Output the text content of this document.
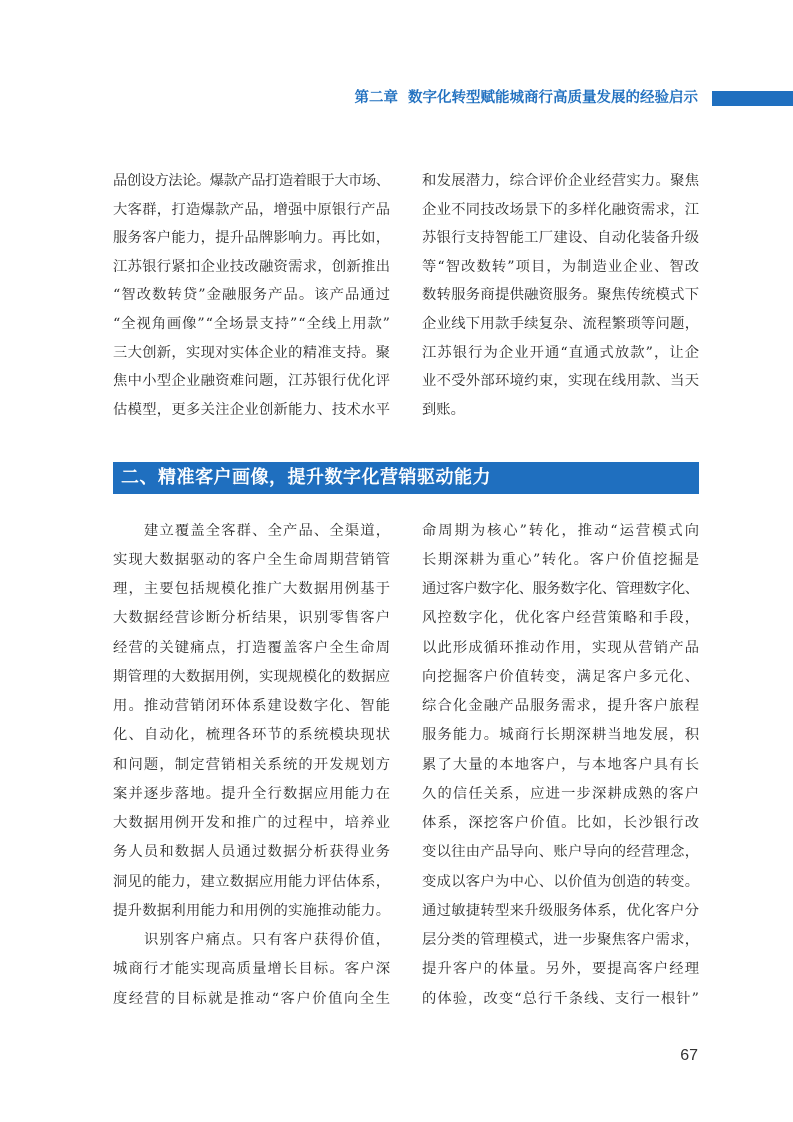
第二章 数字化转型赋能城商行高质量发展的经验启示
品创设方法论。爆款产品打造着眼于大市场、
大客群，打造爆款产品，增强中原银行产品
服务客户能力，提升品牌影响力。再比如，
江苏银行紧扣企业技改融资需求，创新推出
“智改数转贷”金融服务产品。该产品通过
“全视角画像”“全场景支持”“全线上用款”
三大创新，实现对实体企业的精准支持。聚
焦中小型企业融资难问题，江苏银行优化评
估模型，更多关注企业创新能力、技术水平
和发展潜力，综合评价企业经营实力。聚焦
企业不同技改场景下的多样化融资需求，江
苏银行支持智能工厂建设、自动化装备升级
等“智改数转”项目，为制造业企业、智改
数转服务商提供融资服务。聚焦传统模式下
企业线下用款手续复杂、流程繁琐等问题，
江苏银行为企业开通“直通式放款”，让企
业不受外部环境约束，实现在线用款、当天
到账。
二、精准客户画像，提升数字化营销驱动能力
建立覆盖全客群、全产品、全渠道，
实现大数据驱动的客户全生命周期营销管
理，主要包括规模化推广大数据用例基于
大数据经营诊断分析结果，识别零售客户
经营的关键痛点，打造覆盖客户全生命周
期管理的大数据用例，实现规模化的数据应
用。推动营销闭环体系建设数字化、智能
化、自动化，梳理各环节的系统模块现状
和问题，制定营销相关系统的开发规划方
案并逐步落地。提升全行数据应用能力在
大数据用例开发和推广的过程中，培养业
务人员和数据人员通过数据分析获得业务
洞见的能力，建立数据应用能力评估体系，
提升数据利用能力和用例的实施推动能力。
识别客户痛点。只有客户获得价值，
城商行才能实现高质量增长目标。客户深
度经营的目标就是推动“客户价值向全生
命周期为核心”转化，推动“运营模式向
长期深耕为重心”转化。客户价值挖掘是
通过客户数字化、服务数字化、管理数字化、
风控数字化，优化客户经营策略和手段，
以此形成循环推动作用，实现从营销产品
向挖掘客户价值转变，满足客户多元化、
综合化金融产品服务需求，提升客户旅程
服务能力。城商行长期深耕当地发展，积
累了大量的本地客户，与本地客户具有长
久的信任关系，应进一步深耕成熟的客户
体系，深挖客户价值。比如，长沙银行改
变以往由产品导向、账户导向的经营理念，
变成以客户为中心、以价值为创造的转变。
通过敏捷转型来升级服务体系，优化客户分
层分类的管理模式，进一步聚焦客户需求，
提升客户的体量。另外，要提高客户经理
的体验，改变“总行千条线、支行一根针”
67
